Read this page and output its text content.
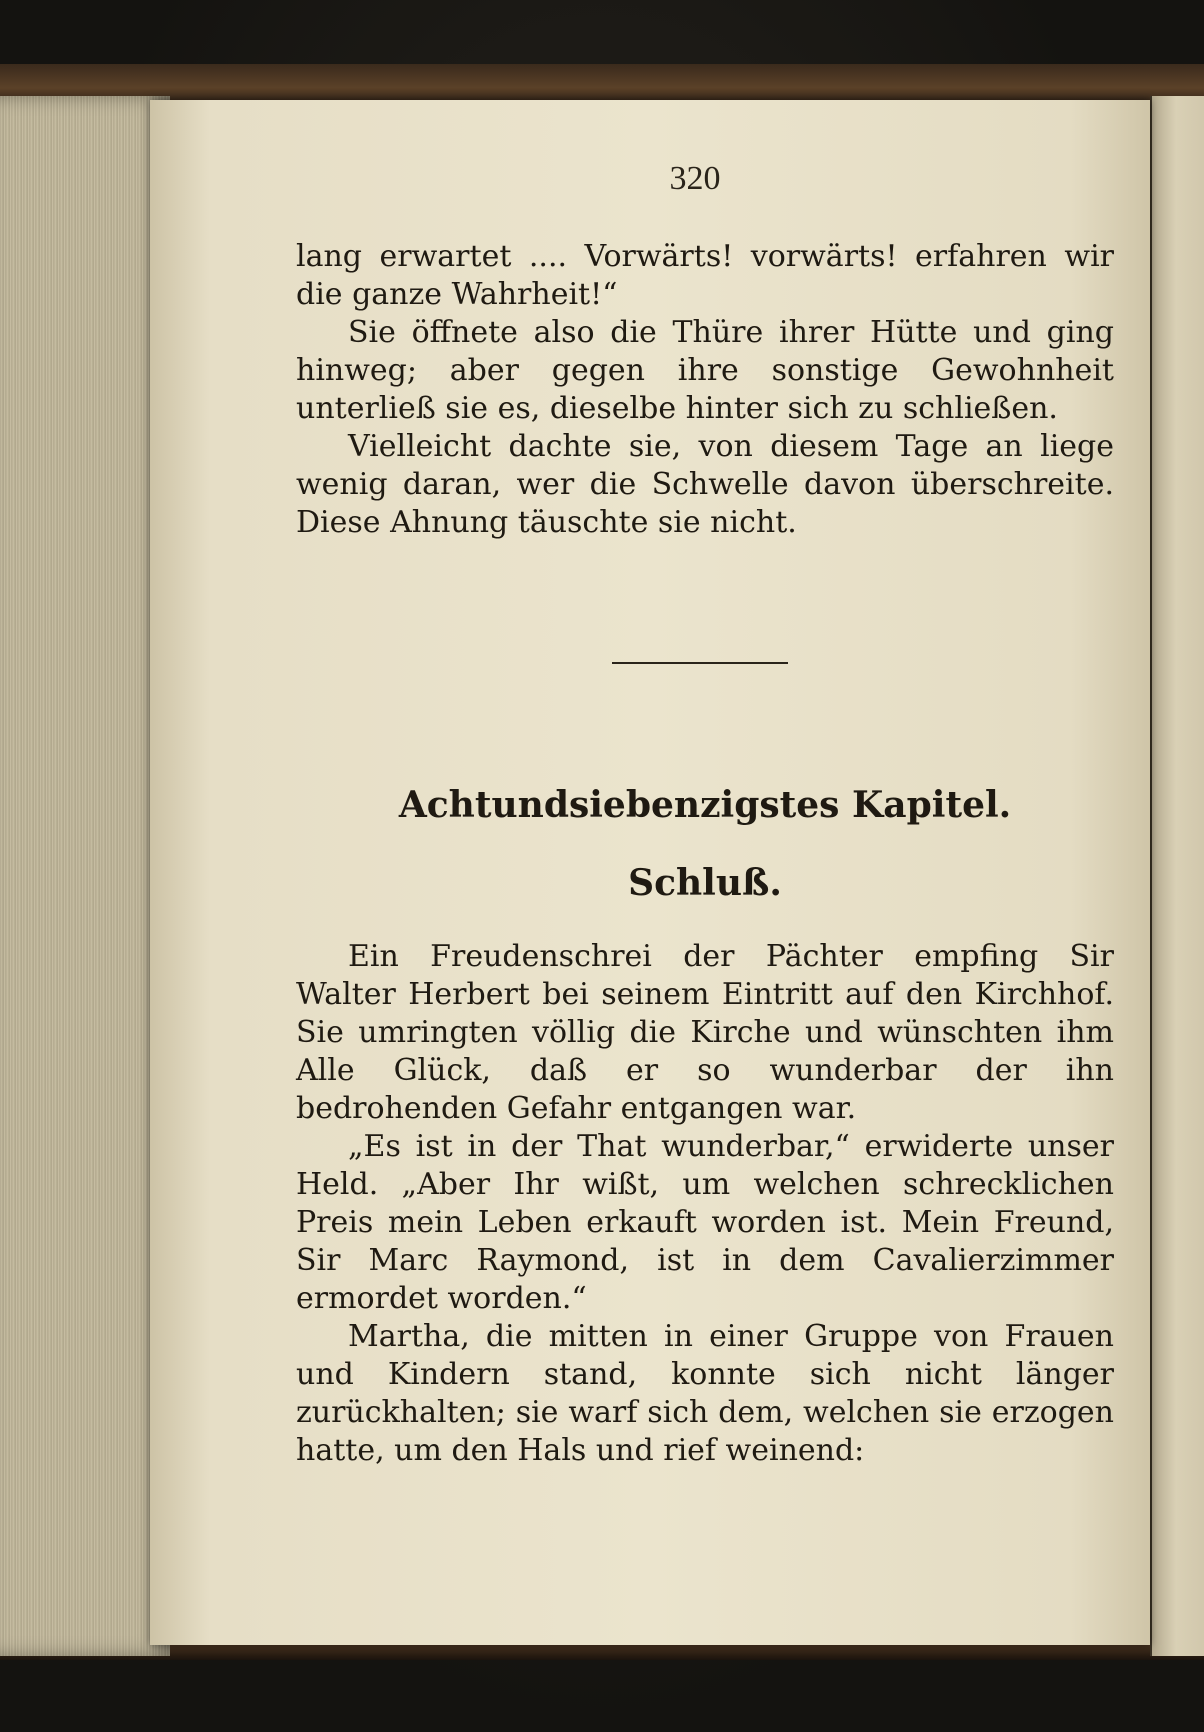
320

lang erwartet .... Vorwärts! vorwärts! erfahren wir die ganze Wahrheit!“

Sie öffnete also die Thüre ihrer Hütte und ging hinweg; aber gegen ihre sonstige Gewohnheit unterließ sie es, dieselbe hinter sich zu schließen.

Vielleicht dachte sie, von diesem Tage an liege wenig daran, wer die Schwelle davon überschreite. Diese Ahnung täuschte sie nicht.

Achtundsiebenzigstes Kapitel.
Schluß.

Ein Freudenschrei der Pächter empfing Sir Walter Herbert bei seinem Eintritt auf den Kirchhof. Sie umringten völlig die Kirche und wünschten ihm Alle Glück, daß er so wunderbar der ihn bedrohenden Gefahr entgangen war.

„Es ist in der That wunderbar,“ erwiderte unser Held. „Aber Ihr wißt, um welchen schrecklichen Preis mein Leben erkauft worden ist. Mein Freund, Sir Marc Raymond, ist in dem Cavalierzimmer ermordet worden.“

Martha, die mitten in einer Gruppe von Frauen und Kindern stand, konnte sich nicht länger zurückhalten; sie warf sich dem, welchen sie erzogen hatte, um den Hals und rief weinend:
